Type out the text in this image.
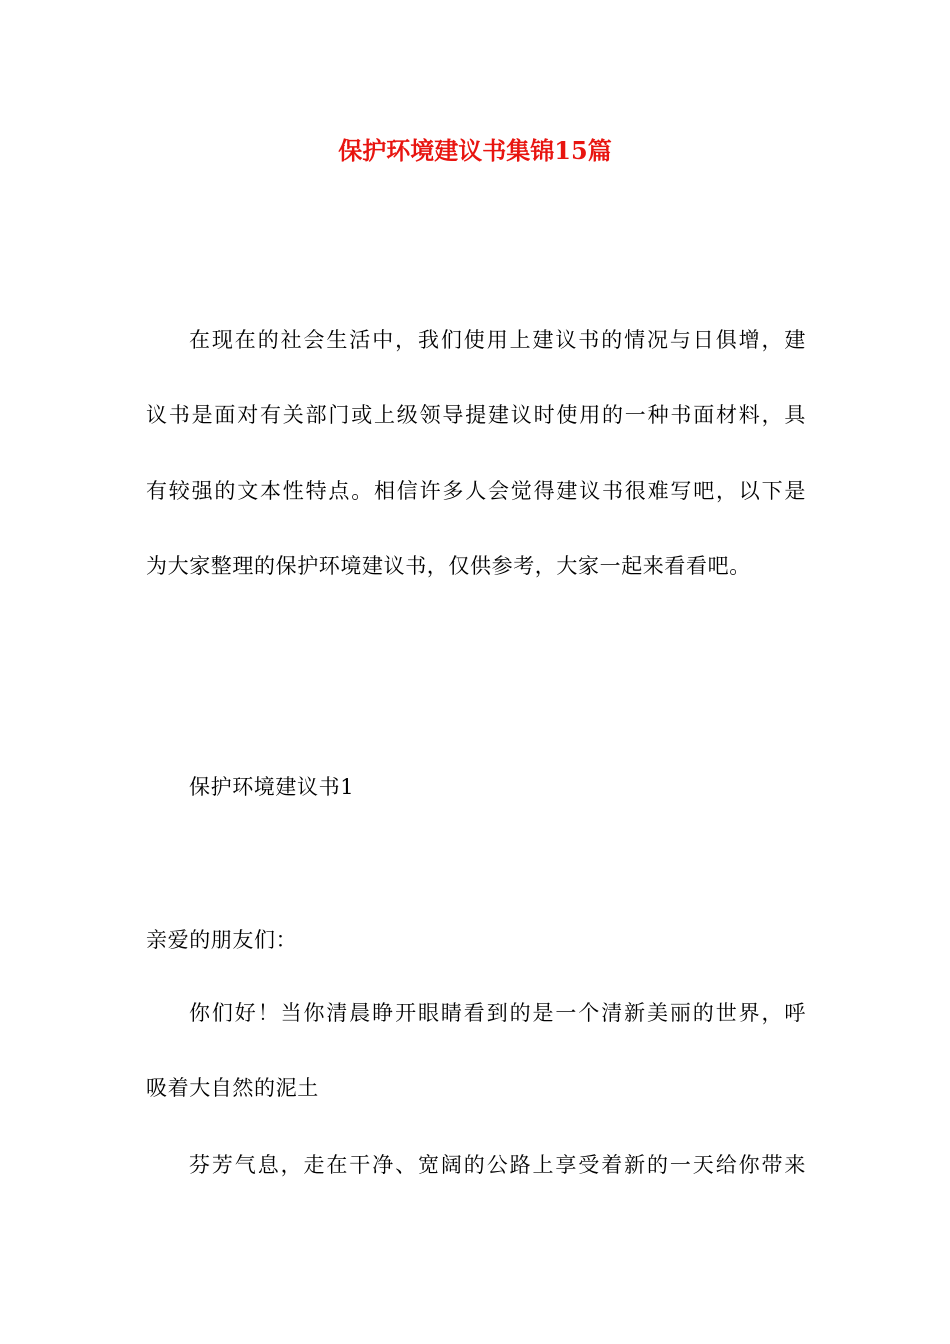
保护环境建议书集锦15篇
在现在的社会生活中，我们使用上建议书的情况与日俱增，建
议书是面对有关部门或上级领导提建议时使用的一种书面材料，具
有较强的文本性特点。相信许多人会觉得建议书很难写吧，以下是
为大家整理的保护环境建议书，仅供参考，大家一起来看看吧。
保护环境建议书1
亲爱的朋友们：
你们好！当你清晨睁开眼睛看到的是一个清新美丽的世界，呼
吸着大自然的泥土
芬芳气息，走在干净、宽阔的公路上享受着新的一天给你带来
